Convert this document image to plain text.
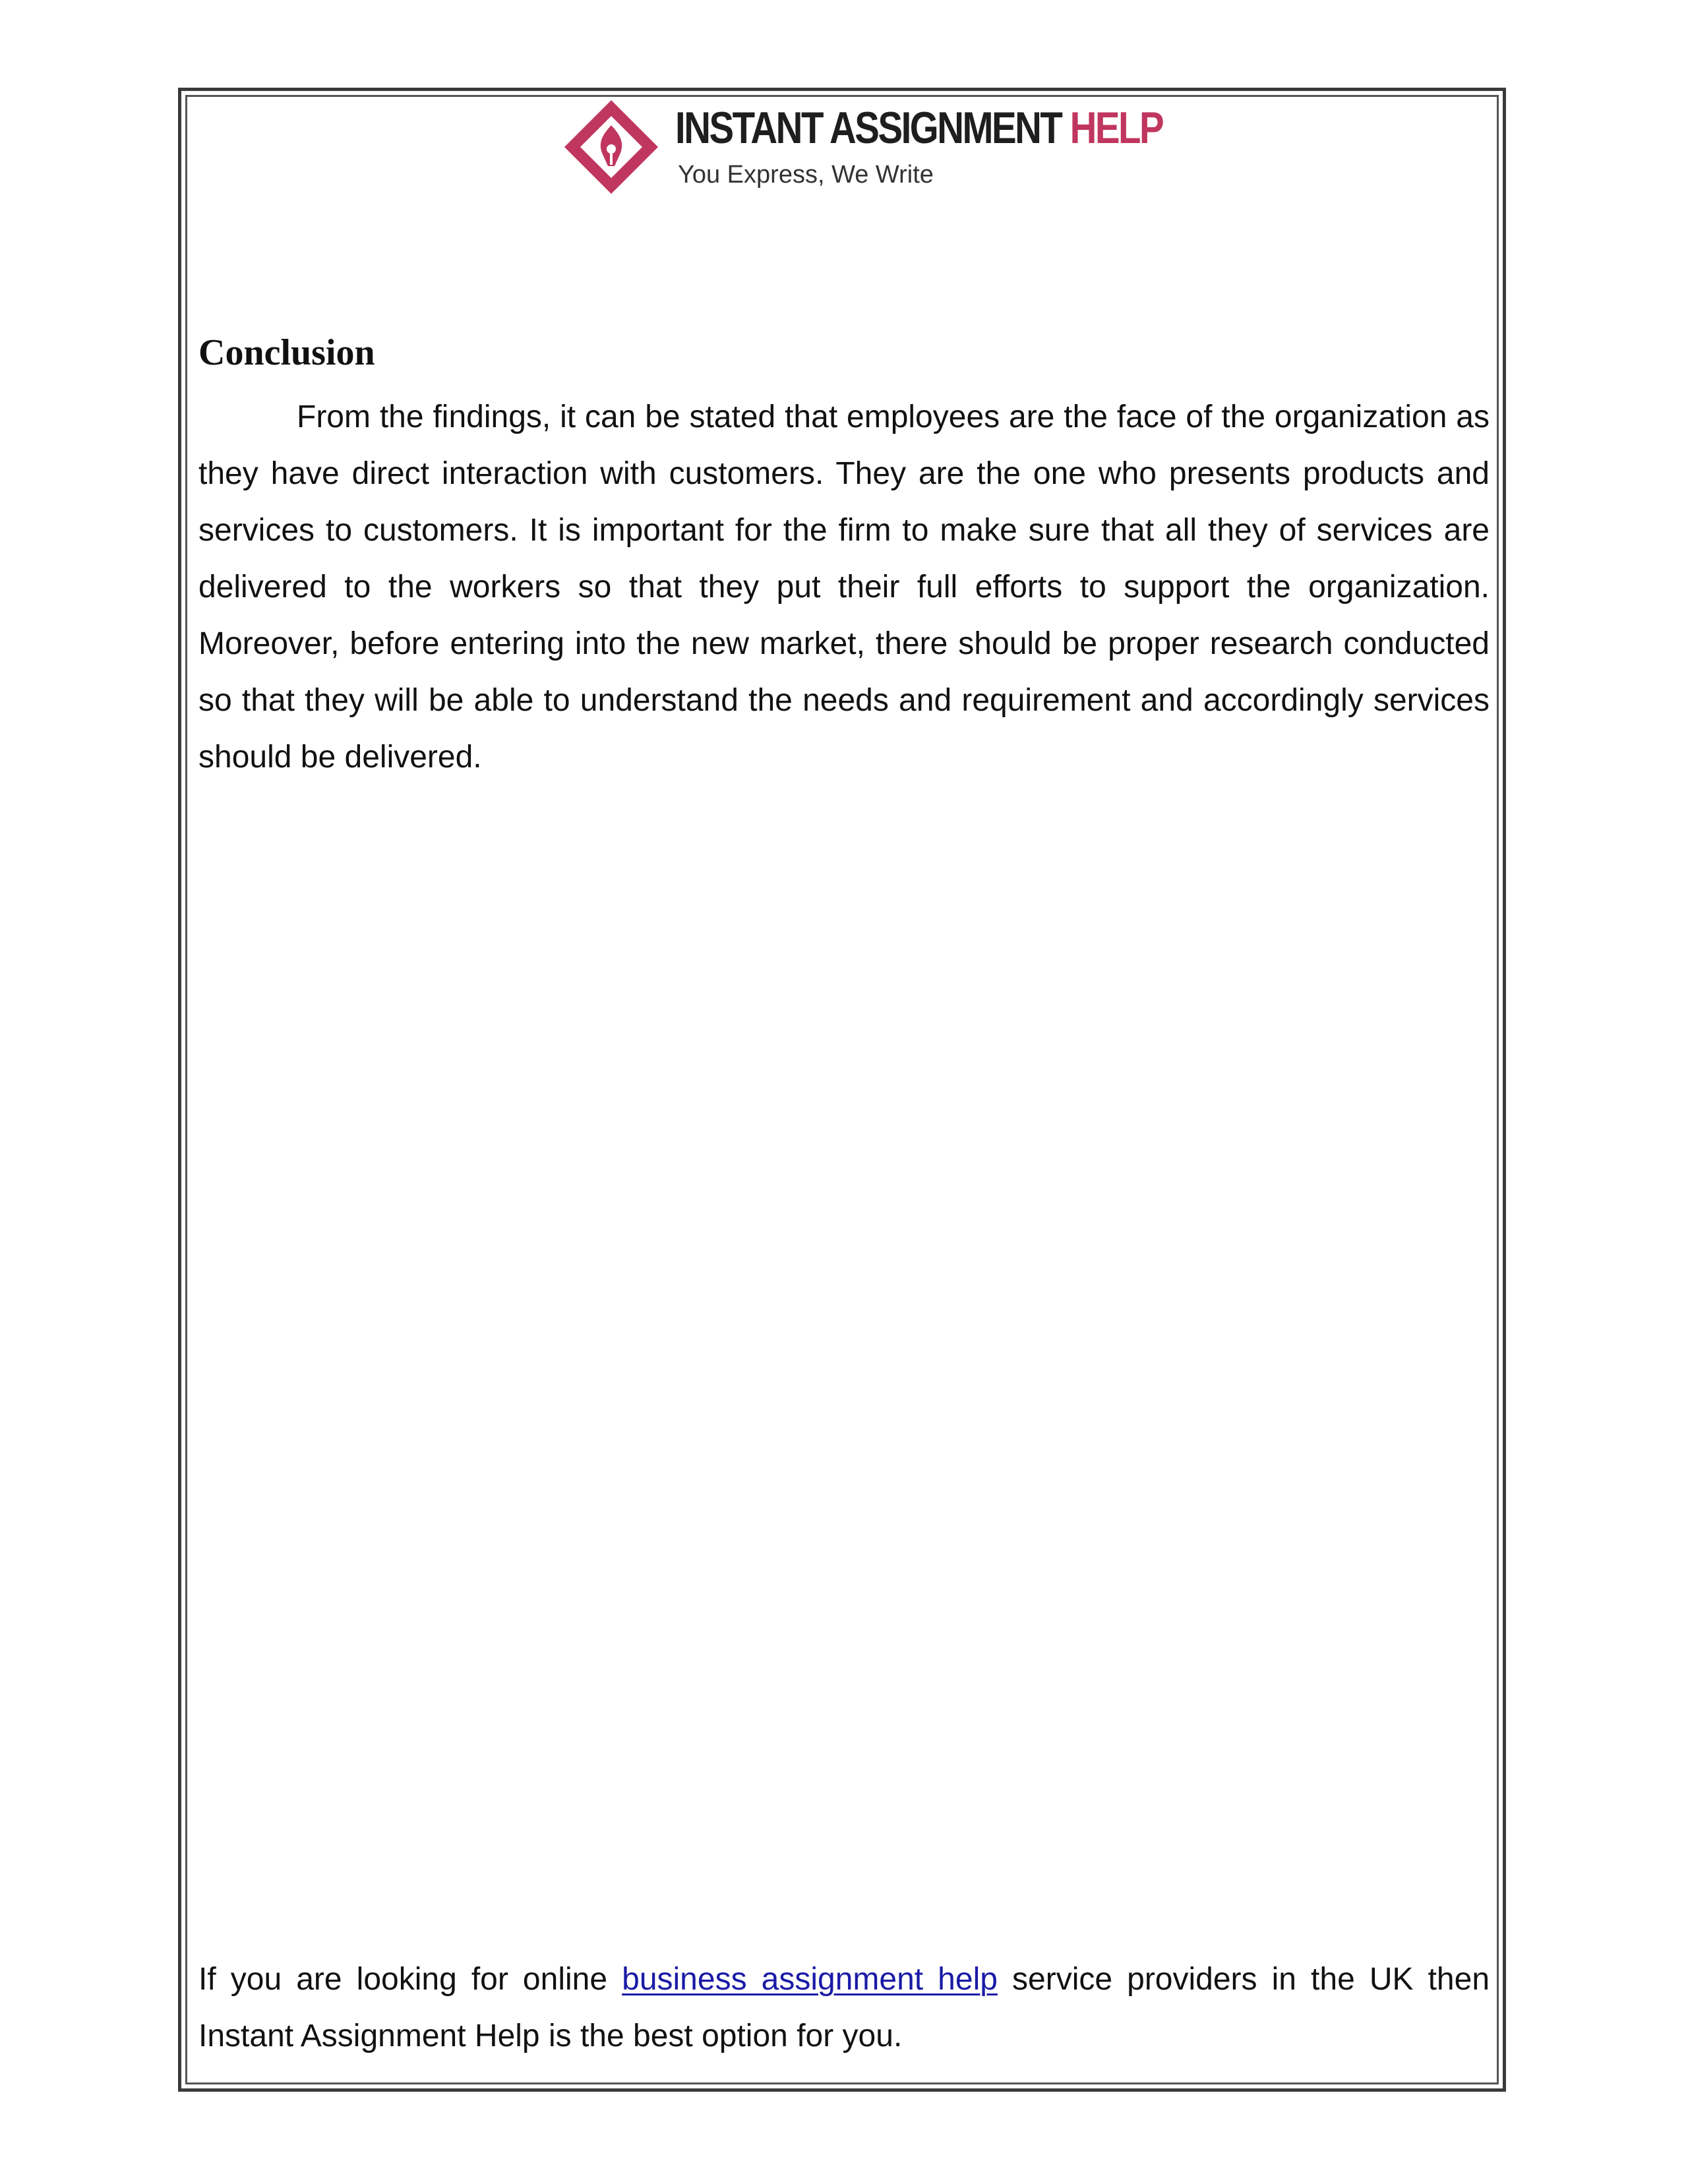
INSTANT ASSIGNMENT HELP
You Express, We Write
Conclusion

From the findings, it can be stated that employees are the face of the organization as they have direct interaction with customers. They are the one who presents products and services to customers. It is important for the firm to make sure that all they of services are delivered to the workers so that they put their full efforts to support the organization. Moreover, before entering into the new market, there should be proper research conducted so that they will be able to understand the needs and requirement and accordingly services should be delivered.

If you are looking for online business assignment help service providers in the UK then Instant Assignment Help is the best option for you.
